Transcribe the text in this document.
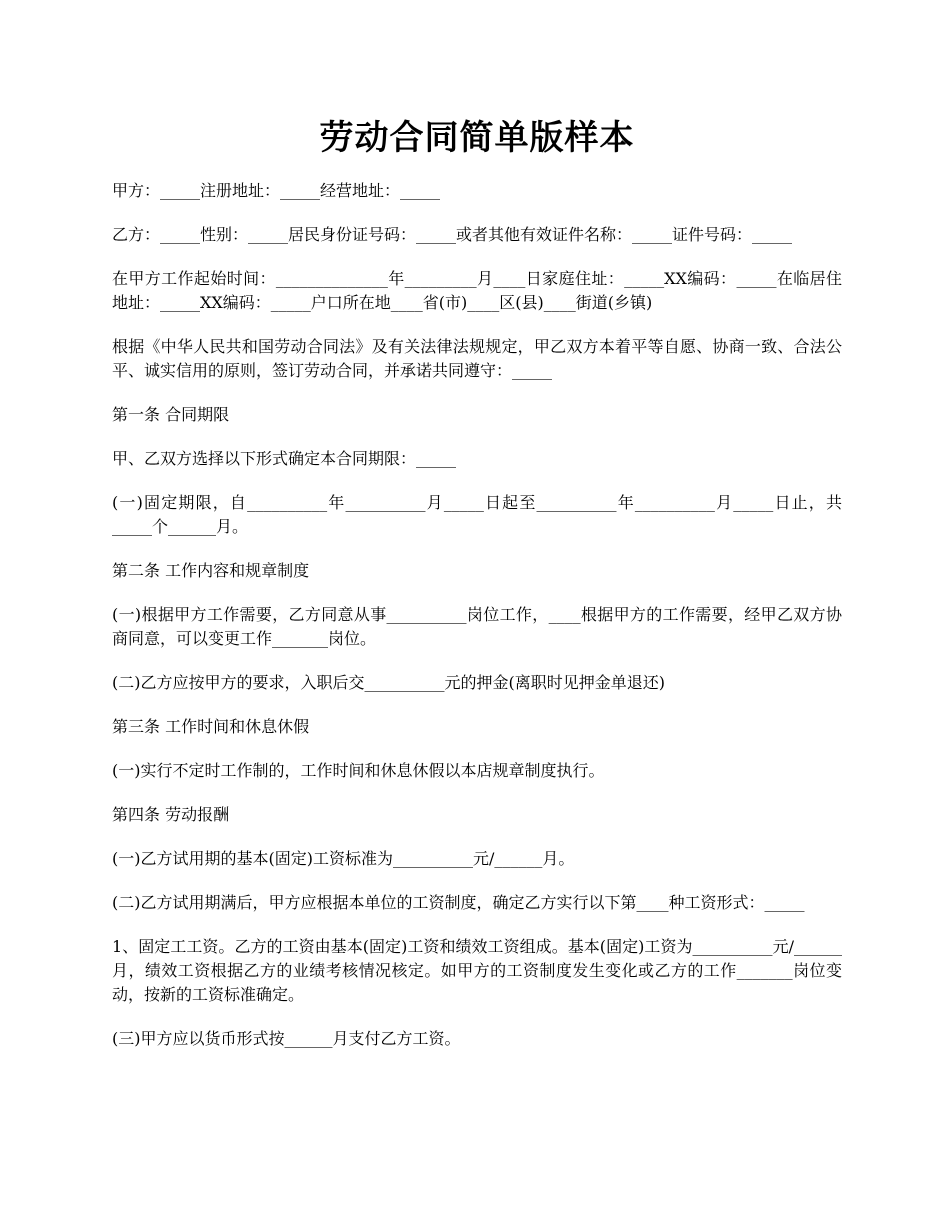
劳动合同简单版样本

甲方：_____注册地址：_____经营地址：_____

乙方：_____性别：_____居民身份证号码：_____或者其他有效证件名称：_____证件号码：_____

在甲方工作起始时间：______________年_________月____日家庭住址：_____XX编码：_____在临居住地址：_____XX编码：_____户口所在地____省(市)____区(县)____街道(乡镇)

根据《中华人民共和国劳动合同法》及有关法律法规规定，甲乙双方本着平等自愿、协商一致、合法公平、诚实信用的原则，签订劳动合同，并承诺共同遵守：_____

第一条 合同期限

甲、乙双方选择以下形式确定本合同期限：_____

(一)固定期限，自__________年__________月_____日起至__________年__________月_____日止，共_____个______月。

第二条 工作内容和规章制度

(一)根据甲方工作需要，乙方同意从事__________岗位工作，____根据甲方的工作需要，经甲乙双方协商同意，可以变更工作_______岗位。

(二)乙方应按甲方的要求，入职后交__________元的押金(离职时见押金单退还)

第三条 工作时间和休息休假

(一)实行不定时工作制的，工作时间和休息休假以本店规章制度执行。

第四条 劳动报酬

(一)乙方试用期的基本(固定)工资标准为__________元/______月。

(二)乙方试用期满后，甲方应根据本单位的工资制度，确定乙方实行以下第____种工资形式：_____

1、固定工工资。乙方的工资由基本(固定)工资和绩效工资组成。基本(固定)工资为__________元/______月，绩效工资根据乙方的业绩考核情况核定。如甲方的工资制度发生变化或乙方的工作_______岗位变动，按新的工资标准确定。

(三)甲方应以货币形式按______月支付乙方工资。
